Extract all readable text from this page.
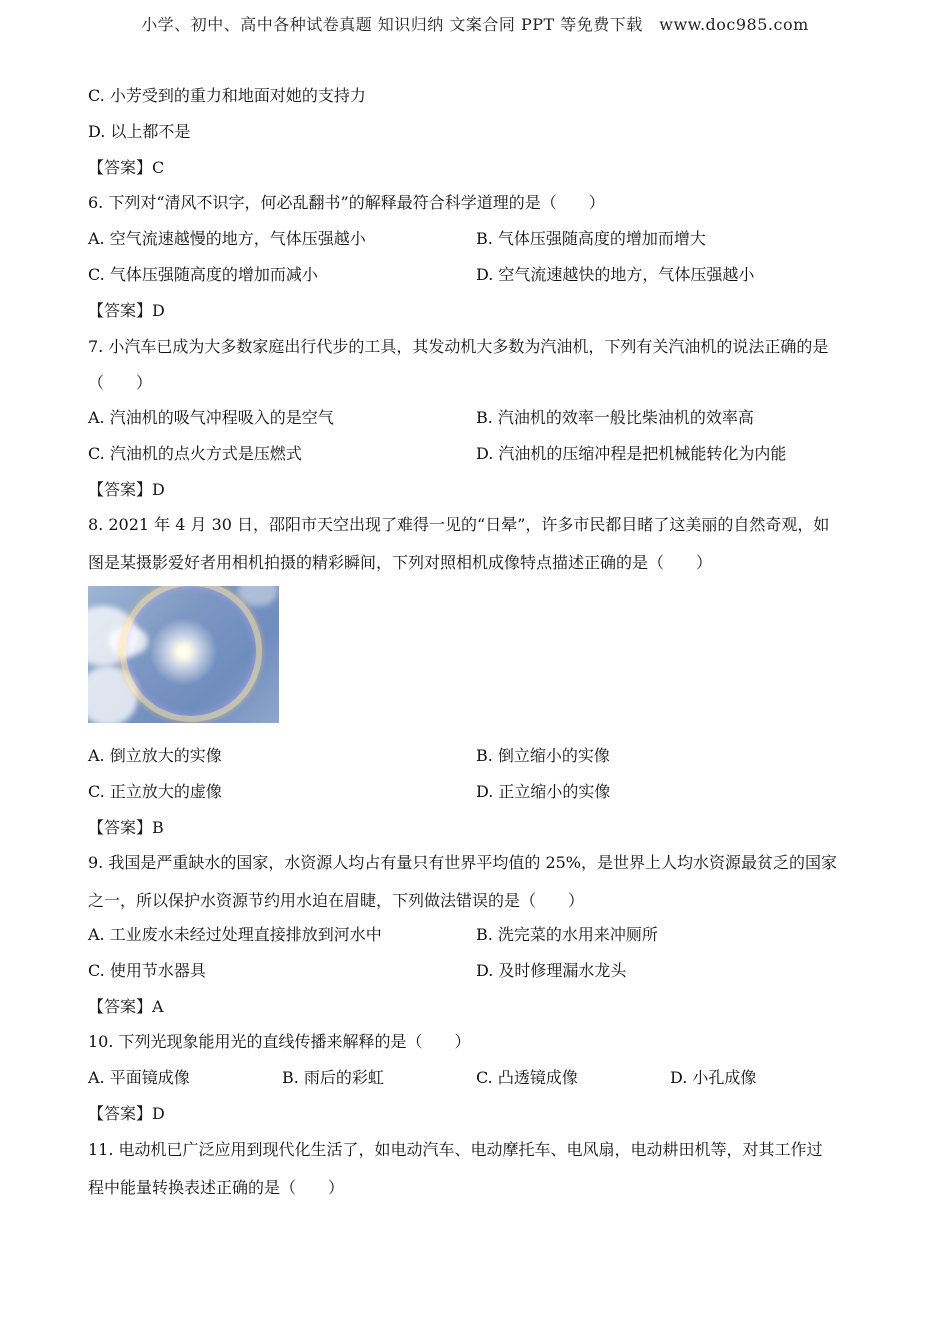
小学、初中、高中各种试卷真题 知识归纳 文案合同 PPT 等免费下载　www.doc985.com
C. 小芳受到的重力和地面对她的支持力
D. 以上都不是
【答案】C
6. 下列对“清风不识字，何必乱翻书”的解释最符合科学道理的是（　　）
A. 空气流速越慢的地方，气体压强越小	B. 气体压强随高度的增加而增大
C. 气体压强随高度的增加而减小	D. 空气流速越快的地方，气体压强越小
【答案】D
7. 小汽车已成为大多数家庭出行代步的工具，其发动机大多数为汽油机，下列有关汽油机的说法正确的是
（　　）
A. 汽油机的吸气冲程吸入的是空气	B. 汽油机的效率一般比柴油机的效率高
C. 汽油机的点火方式是压燃式	D. 汽油机的压缩冲程是把机械能转化为内能
【答案】D
8. 2021 年 4 月 30 日，邵阳市天空出现了难得一见的“日晕”，许多市民都目睹了这美丽的自然奇观，如
图是某摄影爱好者用相机拍摄的精彩瞬间，下列对照相机成像特点描述正确的是（　　）
A. 倒立放大的实像	B. 倒立缩小的实像
C. 正立放大的虚像	D. 正立缩小的实像
【答案】B
9. 我国是严重缺水的国家，水资源人均占有量只有世界平均值的 25%，是世界上人均水资源最贫乏的国家
之一，所以保护水资源节约用水迫在眉睫，下列做法错误的是（　　）
A. 工业废水未经过处理直接排放到河水中	B. 洗完菜的水用来冲厕所
C. 使用节水器具	D. 及时修理漏水龙头
【答案】A
10. 下列光现象能用光的直线传播来解释的是（　　）
A. 平面镜成像	B. 雨后的彩虹	C. 凸透镜成像	D. 小孔成像
【答案】D
11. 电动机已广泛应用到现代化生活了，如电动汽车、电动摩托车、电风扇，电动耕田机等，对其工作过
程中能量转换表述正确的是（　　）
